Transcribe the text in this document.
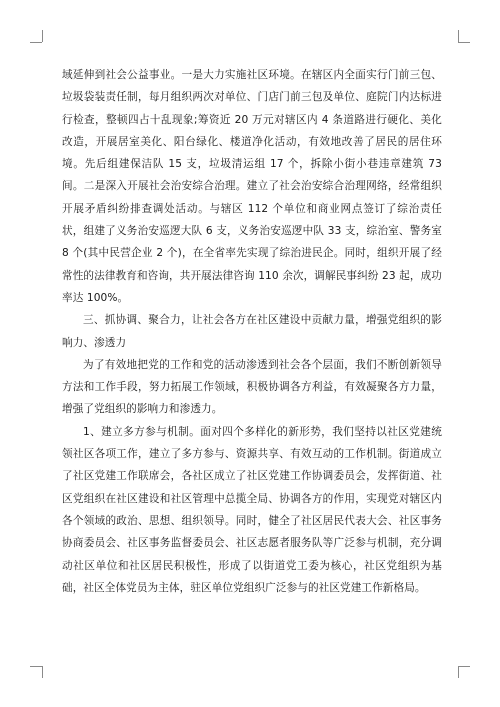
域延伸到社会公益事业。一是大力实施社区环境。在辖区内全面实行门前三包、垃圾袋装责任制，每月组织两次对单位、门店门前三包及单位、庭院门内达标进行检查，整顿四占十乱现象;筹资近 20 万元对辖区内 4 条道路进行硬化、美化改造，开展居室美化、阳台绿化、楼道净化活动，有效地改善了居民的居住环境。先后组建保洁队 15 支，垃圾清运组 17 个，拆除小街小巷违章建筑 73 间。二是深入开展社会治安综合治理。建立了社会治安综合治理网络，经常组织开展矛盾纠纷排查调处活动。与辖区 112 个单位和商业网点签订了综治责任状，组建了义务治安巡逻大队 6 支，义务治安巡逻中队 33 支，综治室、警务室 8 个(其中民营企业 2 个)，在全省率先实现了综治进民企。同时，组织开展了经常性的法律教育和咨询，共开展法律咨询 110 余次，调解民事纠纷 23 起，成功率达 100%。

三、抓协调、聚合力，让社会各方在社区建设中贡献力量，增强党组织的影响力、渗透力

为了有效地把党的工作和党的活动渗透到社会各个层面，我们不断创新领导方法和工作手段，努力拓展工作领域，积极协调各方利益，有效凝聚各方力量，增强了党组织的影响力和渗透力。

1、建立多方参与机制。面对四个多样化的新形势，我们坚持以社区党建统领社区各项工作，建立了多方参与、资源共享、有效互动的工作机制。街道成立了社区党建工作联席会，各社区成立了社区党建工作协调委员会，发挥街道、社区党组织在社区建设和社区管理中总揽全局、协调各方的作用，实现党对辖区内各个领域的政治、思想、组织领导。同时，健全了社区居民代表大会、社区事务协商委员会、社区事务监督委员会、社区志愿者服务队等广泛参与机制，充分调动社区单位和社区居民积极性，形成了以街道党工委为核心，社区党组织为基础，社区全体党员为主体，驻区单位党组织广泛参与的社区党建工作新格局。
